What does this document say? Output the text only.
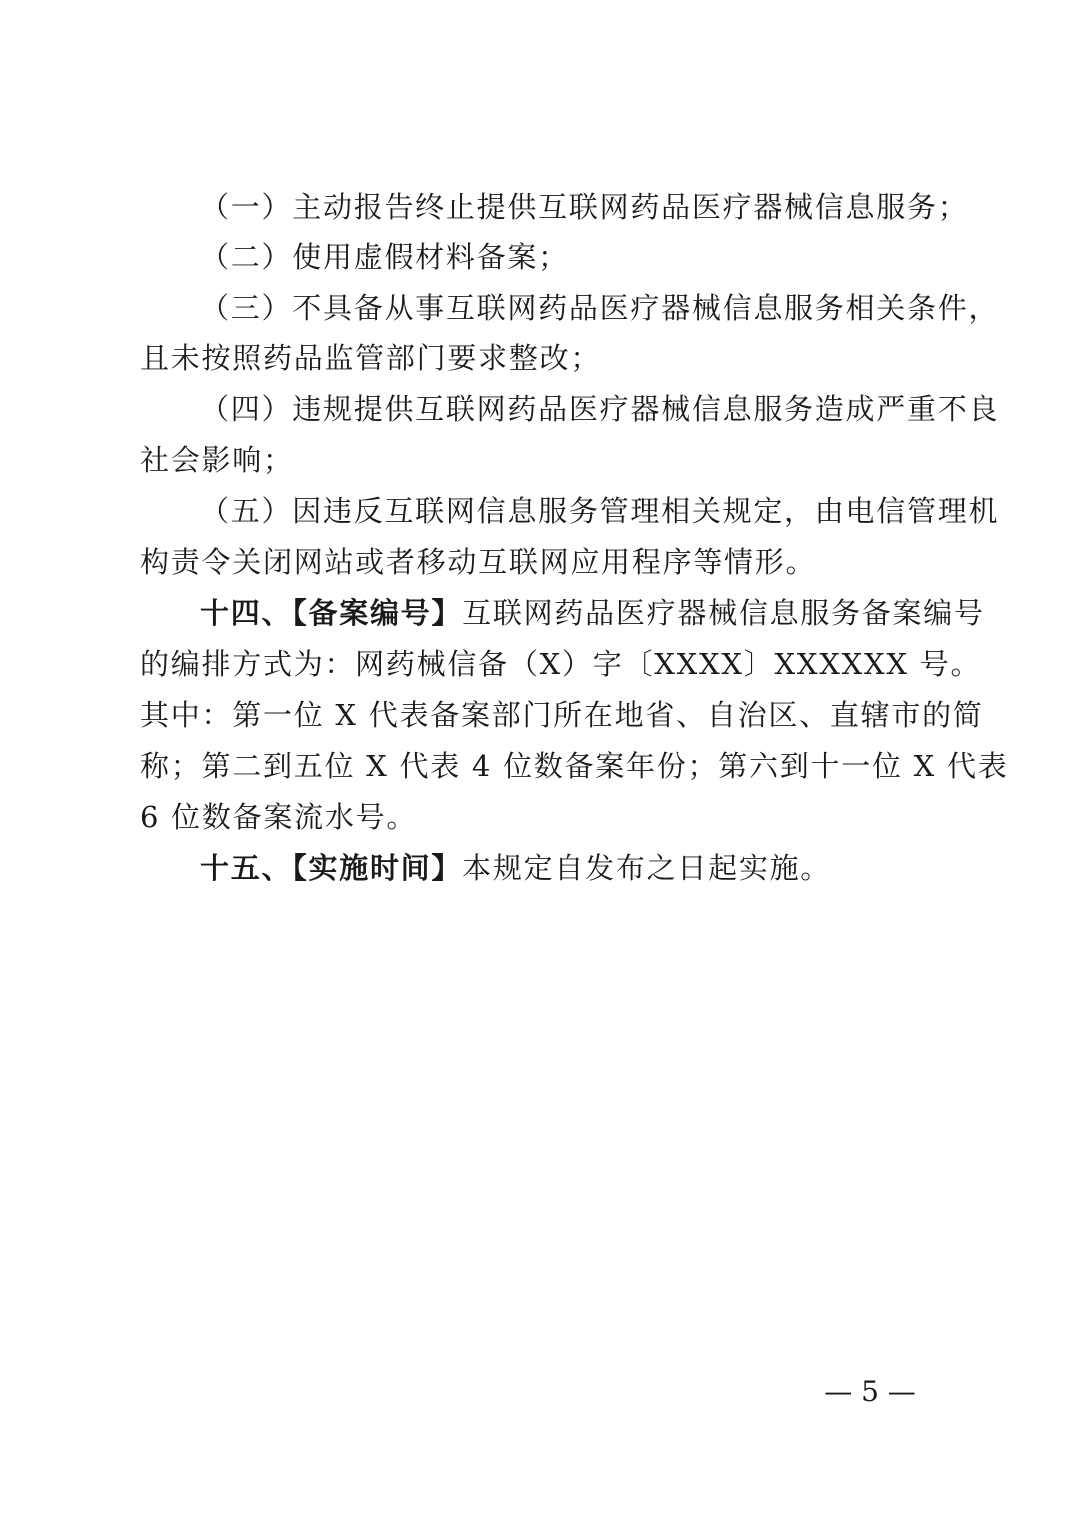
（一）主动报告终止提供互联网药品医疗器械信息服务；
（二）使用虚假材料备案；
（三）不具备从事互联网药品医疗器械信息服务相关条件，
且未按照药品监管部门要求整改；
（四）违规提供互联网药品医疗器械信息服务造成严重不良
社会影响；
（五）因违反互联网信息服务管理相关规定，由电信管理机
构责令关闭网站或者移动互联网应用程序等情形。
十四、【备案编号】互联网药品医疗器械信息服务备案编号
的编排方式为：网药械信备（X）字〔XXXX〕XXXXXX 号。
其中：第一位 X 代表备案部门所在地省、自治区、直辖市的简
称；第二到五位 X 代表 4 位数备案年份；第六到十一位 X 代表
6 位数备案流水号。
十五、【实施时间】本规定自发布之日起实施。
— 5 —
